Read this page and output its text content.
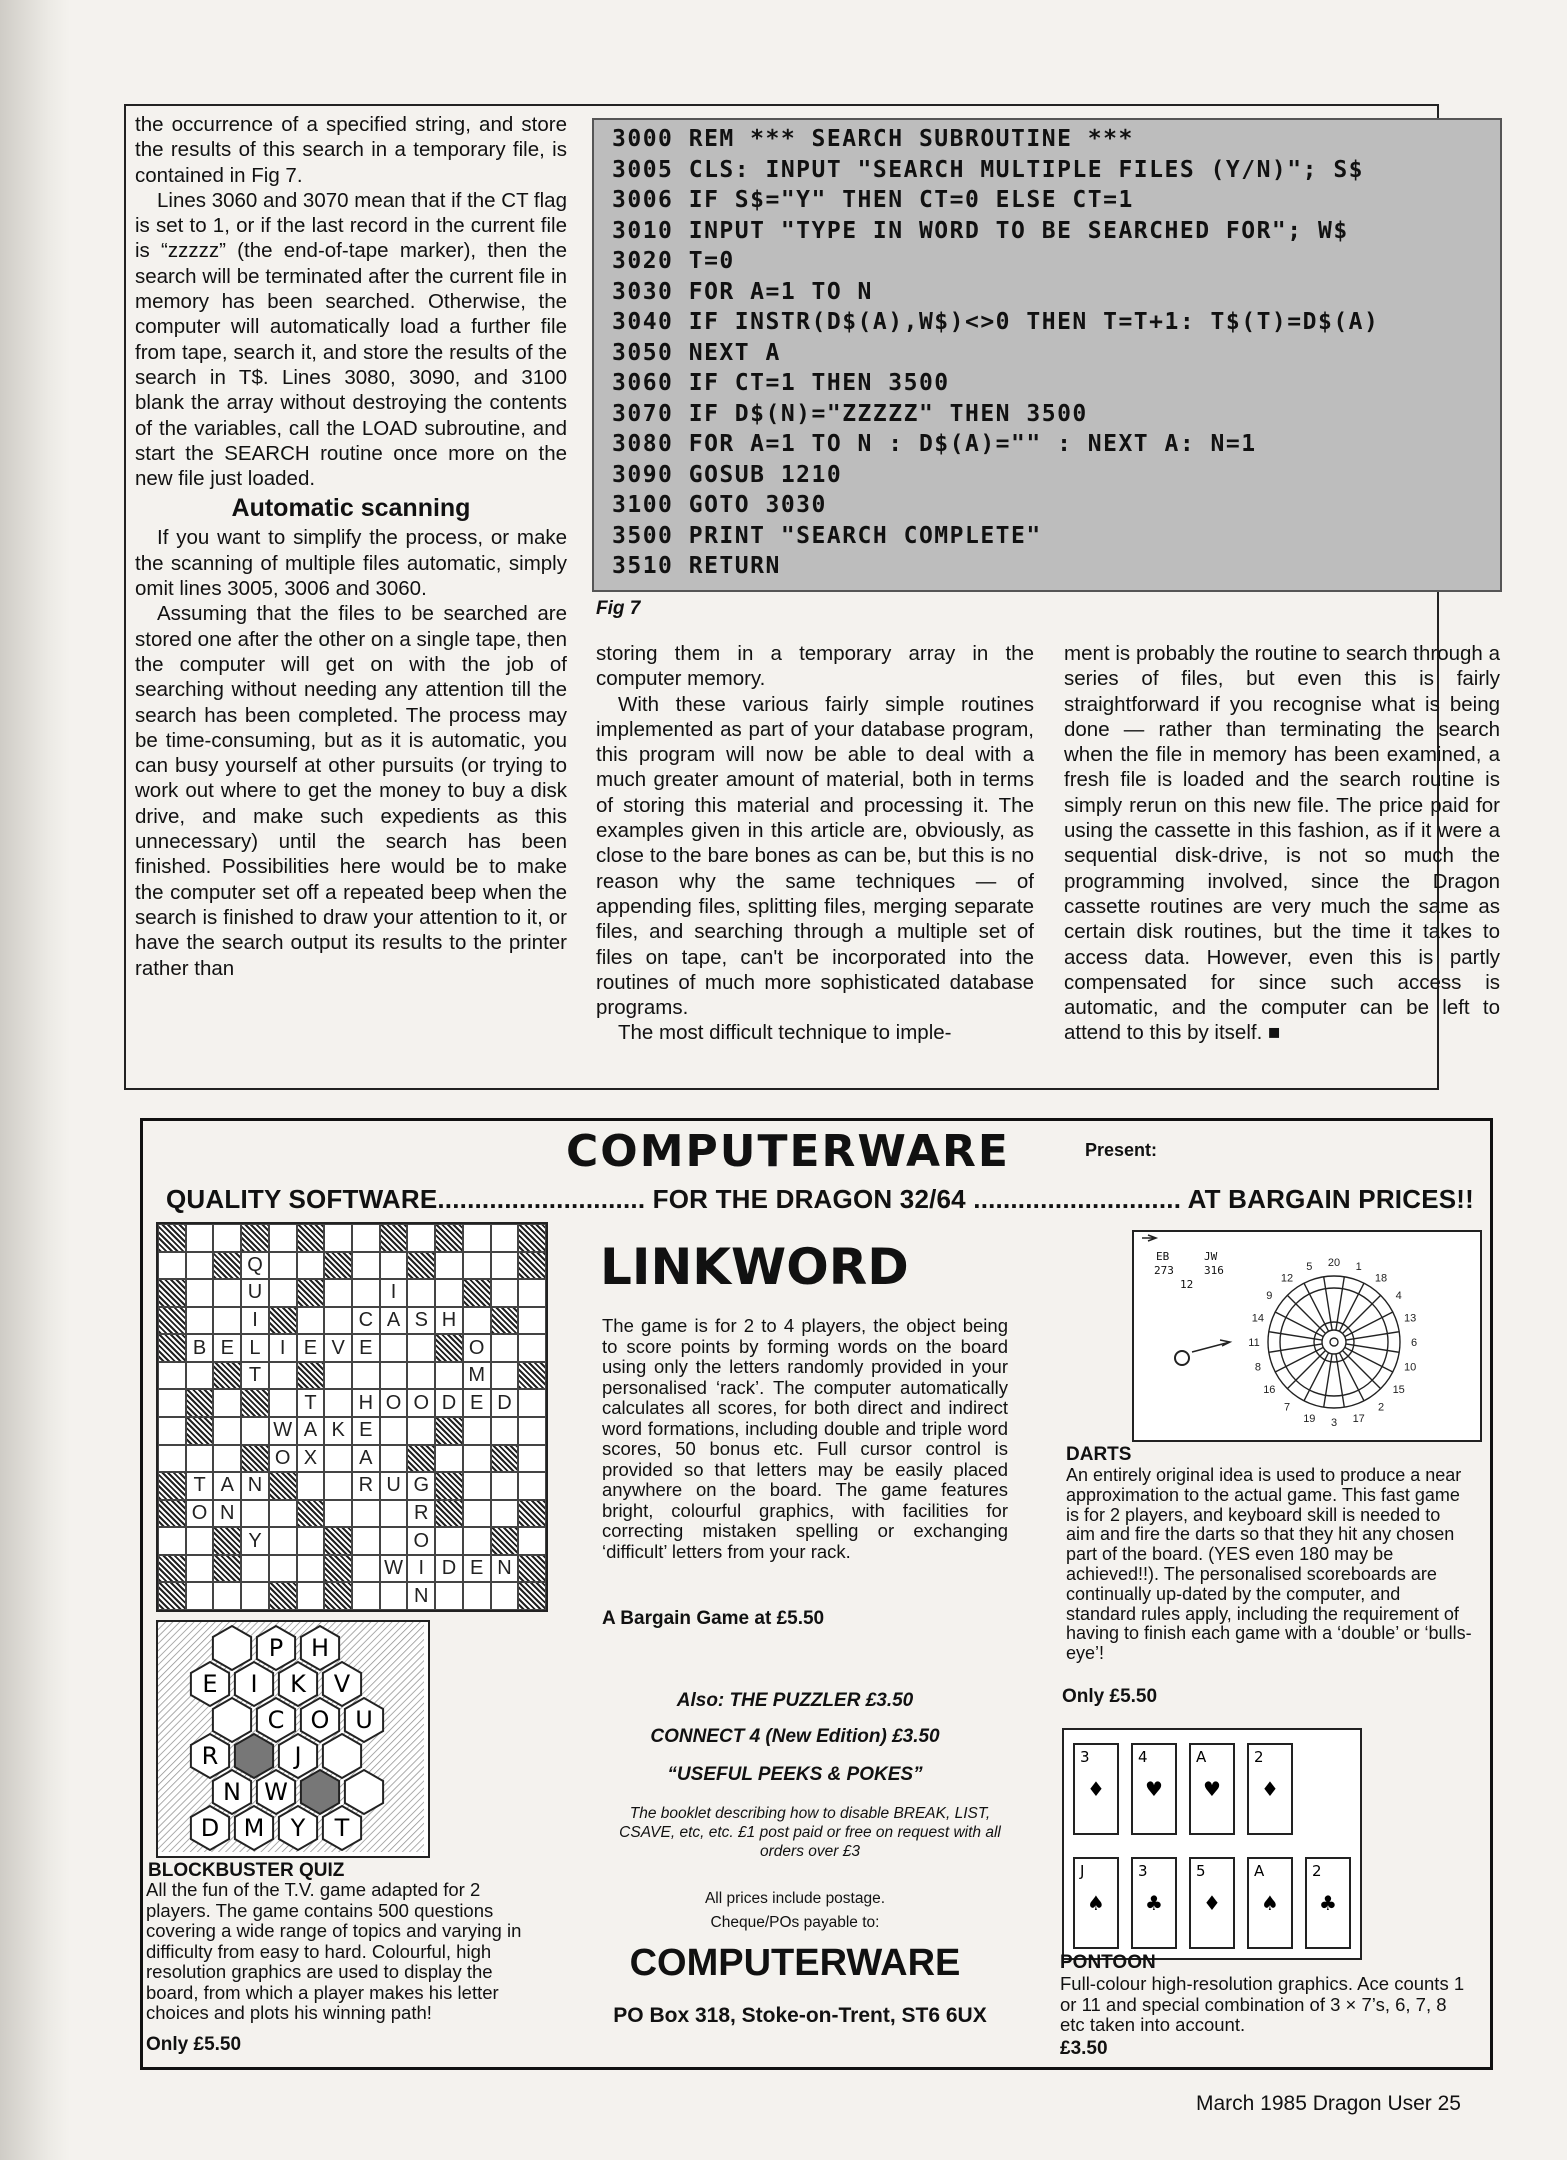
the occurrence of a specified string, and store the results of this search in a temporary file, is contained in Fig 7.

Lines 3060 and 3070 mean that if the CT flag is set to 1, or if the last record in the current file is “zzzzz” (the end-of-tape marker), then the search will be terminated after the current file in memory has been searched. Otherwise, the computer will automatically load a further file from tape, search it, and store the results of the search in T$. Lines 3080, 3090, and 3100 blank the array without destroying the contents of the variables, call the LOAD subroutine, and start the SEARCH routine once more on the new file just loaded.

Automatic scanning

If you want to simplify the process, or make the scanning of multiple files automatic, simply omit lines 3005, 3006 and 3060.

Assuming that the files to be searched are stored one after the other on a single tape, then the computer will get on with the job of searching without needing any attention till the search has been completed. The process may be time-consuming, but as it is automatic, you can busy yourself at other pursuits (or trying to work out where to get the money to buy a disk drive, and make such expedients as this unnecessary) until the search has been finished. Possibilities here would be to make the computer set off a repeated beep when the search is finished to draw your attention to it, or have the search output its results to the printer rather than

3000 REM *** SEARCH SUBROUTINE ***
3005 CLS: INPUT "SEARCH MULTIPLE FILES (Y/N)"; S$
3006 IF S$="Y" THEN CT=0 ELSE CT=1
3010 INPUT "TYPE IN WORD TO BE SEARCHED FOR"; W$
3020 T=0
3030 FOR A=1 TO N
3040 IF INSTR(D$(A),W$)<>0 THEN T=T+1: T$(T)=D$(A)
3050 NEXT A
3060 IF CT=1 THEN 3500
3070 IF D$(N)="ZZZZZ" THEN 3500
3080 FOR A=1 TO N : D$(A)="" : NEXT A: N=1
3090 GOSUB 1210
3100 GOTO 3030
3500 PRINT "SEARCH COMPLETE"
3510 RETURN
Fig 7

storing them in a temporary array in the computer memory.

With these various fairly simple routines implemented as part of your database program, this program will now be able to deal with a much greater amount of material, both in terms of storing this material and processing it. The examples given in this article are, obviously, as close to the bare bones as can be, but this is no reason why the same techniques — of appending files, splitting files, merging separate files, and searching through a multiple set of files on tape, can't be incorporated into the routines of much more sophisticated database programs.

The most difficult technique to imple-

ment is probably the routine to search through a series of files, but even this is fairly straightforward if you recognise what is being done — rather than terminating the search when the file in memory has been examined, a fresh file is loaded and the search routine is simply rerun on this new file. The price paid for using the cassette in this fashion, as if it were a sequential disk-drive, is not so much the programming involved, since the Dragon cassette routines are very much the same as certain disk routines, but the time it takes to access data. However, even this is partly compensated for since such access is automatic, and the computer can be left to attend to this by itself. ■

COMPUTERWARE	Present:
QUALITY SOFTWARE............................ FOR THE DRAGON 32/64 ............................ AT BARGAIN PRICES!!
Q
U	I
I	C A S H
B E L I E V E	O
T	M
T	H O O D E D
W A K E
O X	A
T A N	R U G
O N	R
Y	O
W I D E N
N
P H
E I K V
C O U
R	J
N W
D M Y T
BLOCKBUSTER QUIZ
All the fun of the T.V. game adapted for 2 players. The game contains 500 questions covering a wide range of topics and varying in difficulty from easy to hard. Colourful, high resolution graphics are used to display the board, from which a player makes his letter choices and plots his winning path!
Only £5.50
LINKWORD
The game is for 2 to 4 players, the object being to score points by forming words on the board using only the letters randomly provided in your personalised ‘rack’. The computer automatically calculates all scores, for both direct and indirect word formations, including double and triple word scores, 50 bonus etc. Full cursor control is provided so that letters may be easily placed anywhere on the board. The game features bright, colourful graphics, with facilities for correcting mistaken spelling or exchanging ‘difficult’ letters from your rack.
A Bargain Game at £5.50
Also: THE PUZZLER £3.50
CONNECT 4 (New Edition) £3.50
“USEFUL PEEKS & POKES”
The booklet describing how to disable BREAK, LIST, CSAVE, etc, etc. £1 post paid or free on request with all orders over £3
All prices include postage.
Cheque/POs payable to:
COMPUTERWARE
PO Box 318, Stoke-on-Trent, ST6 6UX
EB	JW
273	316
12
20 1
18
4
13
6
10
15
2
17
3
19
7
16
8
11
14
9
12
5
DARTS
An entirely original idea is used to produce a near approximation to the actual game. This fast game is for 2 players, and keyboard skill is needed to aim and fire the darts so that they hit any chosen part of the board. (YES even 180 may be achieved!!). The personalised scoreboards are continually up-dated by the computer, and standard rules apply, including the requirement of having to finish each game with a ‘double’ or ‘bulls-eye’!
Only £5.50
3
♦
4
♥
A
♥
2
♦
J
♠
3
♣
5
♦
A
♠
2
♣
PONTOON
Full-colour high-resolution graphics. Ace counts 1 or 11 and special combination of 3 × 7’s, 6, 7, 8 etc taken into account.
£3.50
March 1985 Dragon User 25
